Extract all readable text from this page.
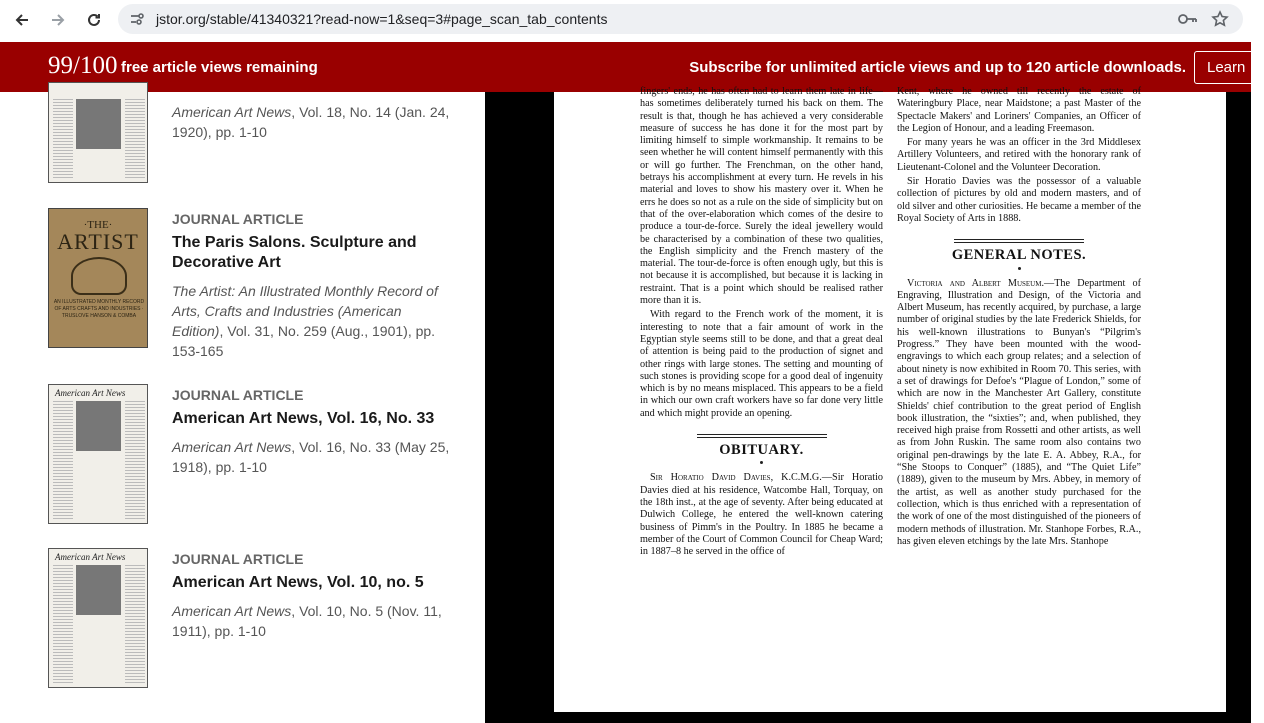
jstor.org/stable/41340321?read-now=1&seq=3#page_scan_tab_contents
99/100 free article views remaining	Subscribe for unlimited article views and up to 120 article downloads.	Learn
American Art News, Vol. 18, No. 14 (Jan. 24, 1920), pp. 1-10
·THE·
ARTIST
AN ILLUSTRATED MONTHLY RECORD OF ARTS CRAFTS AND INDUSTRIES · TRUSLOVE HANSON & COMBA
JOURNAL ARTICLE
The Paris Salons. Sculpture and Decorative Art
The Artist: An Illustrated Monthly Record of Arts, Crafts and Industries (American Edition), Vol. 31, No. 259 (Aug., 1901), pp. 153-165
American Art News	JOURNAL ARTICLE
American Art News, Vol. 16, No. 33
American Art News, Vol. 16, No. 33 (May 25, 1918), pp. 1-10
American Art News	JOURNAL ARTICLE
American Art News, Vol. 10, no. 5
American Art News, Vol. 10, No. 5 (Nov. 11, 1911), pp. 1-10

fingers' ends, he has often had to learn them late in life—has sometimes deliberately turned his back on them. The result is that, though he has achieved a very considerable measure of success he has done it for the most part by limiting himself to simple workmanship. It remains to be seen whether he will content himself permanently with this or will go further. The Frenchman, on the other hand, betrays his accomplishment at every turn. He revels in his material and loves to show his mastery over it. When he errs he does so not as a rule on the side of simplicity but on that of the over-elaboration which comes of the desire to produce a tour-de-force. Surely the ideal jewellery would be characterised by a combination of these two qualities, the English simplicity and the French mastery of the material. The tour-de-force is often enough ugly, but this is not because it is accomplished, but because it is lacking in restraint. That is a point which should be realised rather more than it is.

With regard to the French work of the moment, it is interesting to note that a fair amount of work in the Egyptian style seems still to be done, and that a great deal of attention is being paid to the production of signet and other rings with large stones. The setting and mounting of such stones is providing scope for a good deal of ingenuity which is by no means misplaced. This appears to be a field in which our own craft workers have so far done very little and which might provide an opening.

OBITUARY.

Sir Horatio David Davies, K.C.M.G.—Sir Horatio Davies died at his residence, Watcombe Hall, Torquay, on the 18th inst., at the age of seventy. After being educated at Dulwich College, he entered the well-known catering business of Pimm's in the Poultry. In 1885 he became a member of the Court of Common Council for Cheap Ward; in 1887–8 he served in the office of

Kent, where he owned till recently the estate of Wateringbury Place, near Maidstone; a past Master of the Spectacle Makers' and Loriners' Companies, an Officer of the Legion of Honour, and a leading Freemason.

For many years he was an officer in the 3rd Middlesex Artillery Volunteers, and retired with the honorary rank of Lieutenant-Colonel and the Volunteer Decoration.

Sir Horatio Davies was the possessor of a valuable collection of pictures by old and modern masters, and of old silver and other curiosities. He became a member of the Royal Society of Arts in 1888.

GENERAL NOTES.

Victoria and Albert Museum.—The Department of Engraving, Illustration and Design, of the Victoria and Albert Museum, has recently acquired, by purchase, a large number of original studies by the late Frederick Shields, for his well-known illustrations to Bunyan's “Pilgrim's Progress.” They have been mounted with the wood-engravings to which each group relates; and a selection of about ninety is now exhibited in Room 70. This series, with a set of drawings for Defoe's “Plague of London,” some of which are now in the Manchester Art Gallery, constitute Shields' chief contribution to the great period of English book illustration, the “sixties”; and, when published, they received high praise from Rossetti and other artists, as well as from John Ruskin. The same room also contains two original pen-drawings by the late E. A. Abbey, R.A., for “She Stoops to Conquer” (1885), and “The Quiet Life” (1889), given to the museum by Mrs. Abbey, in memory of the artist, as well as another study purchased for the collection, which is thus enriched with a representation of the work of one of the most distinguished of the pioneers of modern methods of illustration. Mr. Stanhope Forbes, R.A., has given eleven etchings by the late Mrs. Stanhope
